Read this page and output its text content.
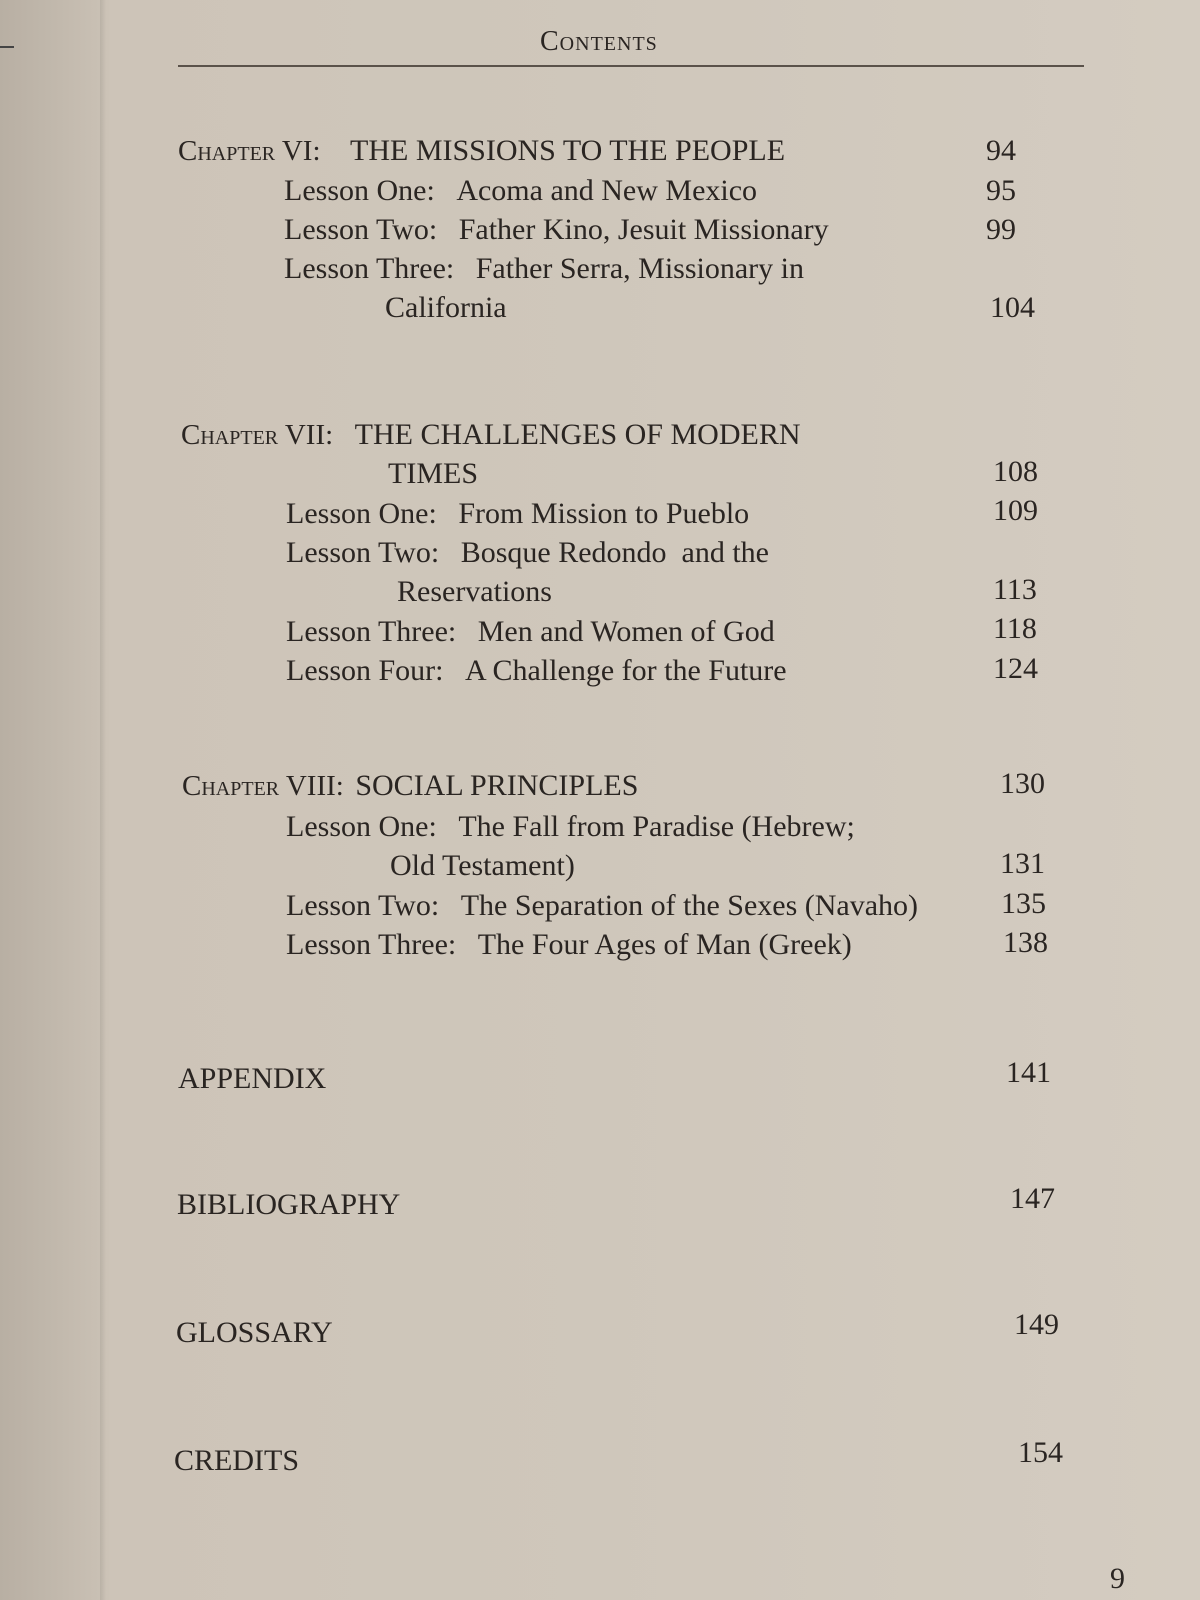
Contents
Chapter VI: THE MISSIONS TO THE PEOPLE	94
Lesson One: Acoma and New Mexico	95
Lesson Two: Father Kino, Jesuit Missionary	99
Lesson Three: Father Serra, Missionary in
California	104
Chapter VII: THE CHALLENGES OF MODERN
TIMES	108
Lesson One: From Mission to Pueblo	109
Lesson Two: Bosque Redondo  and the
Reservations	113
Lesson Three: Men and Women of God	118
Lesson Four: A Challenge for the Future	124
Chapter VIII: SOCIAL PRINCIPLES	130
Lesson One: The Fall from Paradise (Hebrew;
Old Testament)	131
Lesson Two: The Separation of the Sexes (Navaho)	135
Lesson Three: The Four Ages of Man (Greek)	138
APPENDIX	141
BIBLIOGRAPHY	147
GLOSSARY	149
CREDITS	154
9
